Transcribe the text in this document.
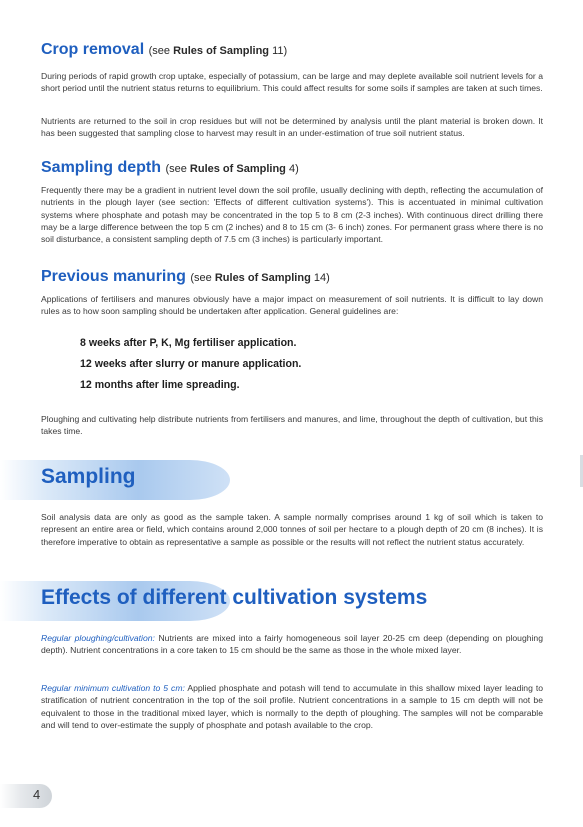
Crop removal (see Rules of Sampling 11)

During periods of rapid growth crop uptake, especially of potassium, can be large and may deplete available soil nutrient levels for a short period until the nutrient status returns to equilibrium. This could affect results for some soils if samples are taken at such times.

Nutrients are returned to the soil in crop residues but will not be determined by analysis until the plant material is broken down. It has been suggested that sampling close to harvest may result in an under-estimation of true soil nutrient status.

Sampling depth (see Rules of Sampling 4)

Frequently there may be a gradient in nutrient level down the soil profile, usually declining with depth, reflecting the accumulation of nutrients in the plough layer (see section: 'Effects of different cultivation systems'). This is accentuated in minimal cultivation systems where phosphate and potash may be concentrated in the top 5 to 8 cm (2-3 inches). With continuous direct drilling there may be a large difference between the top 5 cm (2 inches) and 8 to 15 cm (3- 6 inch) zones. For permanent grass where there is no soil disturbance, a consistent sampling depth of 7.5 cm (3 inches) is particularly important.

Previous manuring (see Rules of Sampling 14)

Applications of fertilisers and manures obviously have a major impact on measurement of soil nutrients. It is difficult to lay down rules as to how soon sampling should be undertaken after application. General guidelines are:

8 weeks after P, K, Mg fertiliser application.

12 weeks after slurry or manure application.

12 months after lime spreading.

Ploughing and cultivating help distribute nutrients from fertilisers and manures, and lime, throughout the depth of cultivation, but this takes time.

Sampling

Soil analysis data are only as good as the sample taken. A sample normally comprises around 1 kg of soil which is taken to represent an entire area or field, which contains around 2,000 tonnes of soil per hectare to a plough depth of 20 cm (8 inches). It is therefore imperative to obtain as representative a sample as possible or the results will not reflect the nutrient status accurately.

Effects of different cultivation systems

Regular ploughing/cultivation: Nutrients are mixed into a fairly homogeneous soil layer 20-25 cm deep (depending on ploughing depth). Nutrient concentrations in a core taken to 15 cm should be the same as those in the whole mixed layer.

Regular minimum cultivation to 5 cm: Applied phosphate and potash will tend to accumulate in this shallow mixed layer leading to stratification of nutrient concentration in the top of the soil profile. Nutrient concentrations in a sample to 15 cm depth will not be equivalent to those in the traditional mixed layer, which is normally to the depth of ploughing. The samples will not be comparable and will tend to over-estimate the supply of phosphate and potash available to the crop.

4
